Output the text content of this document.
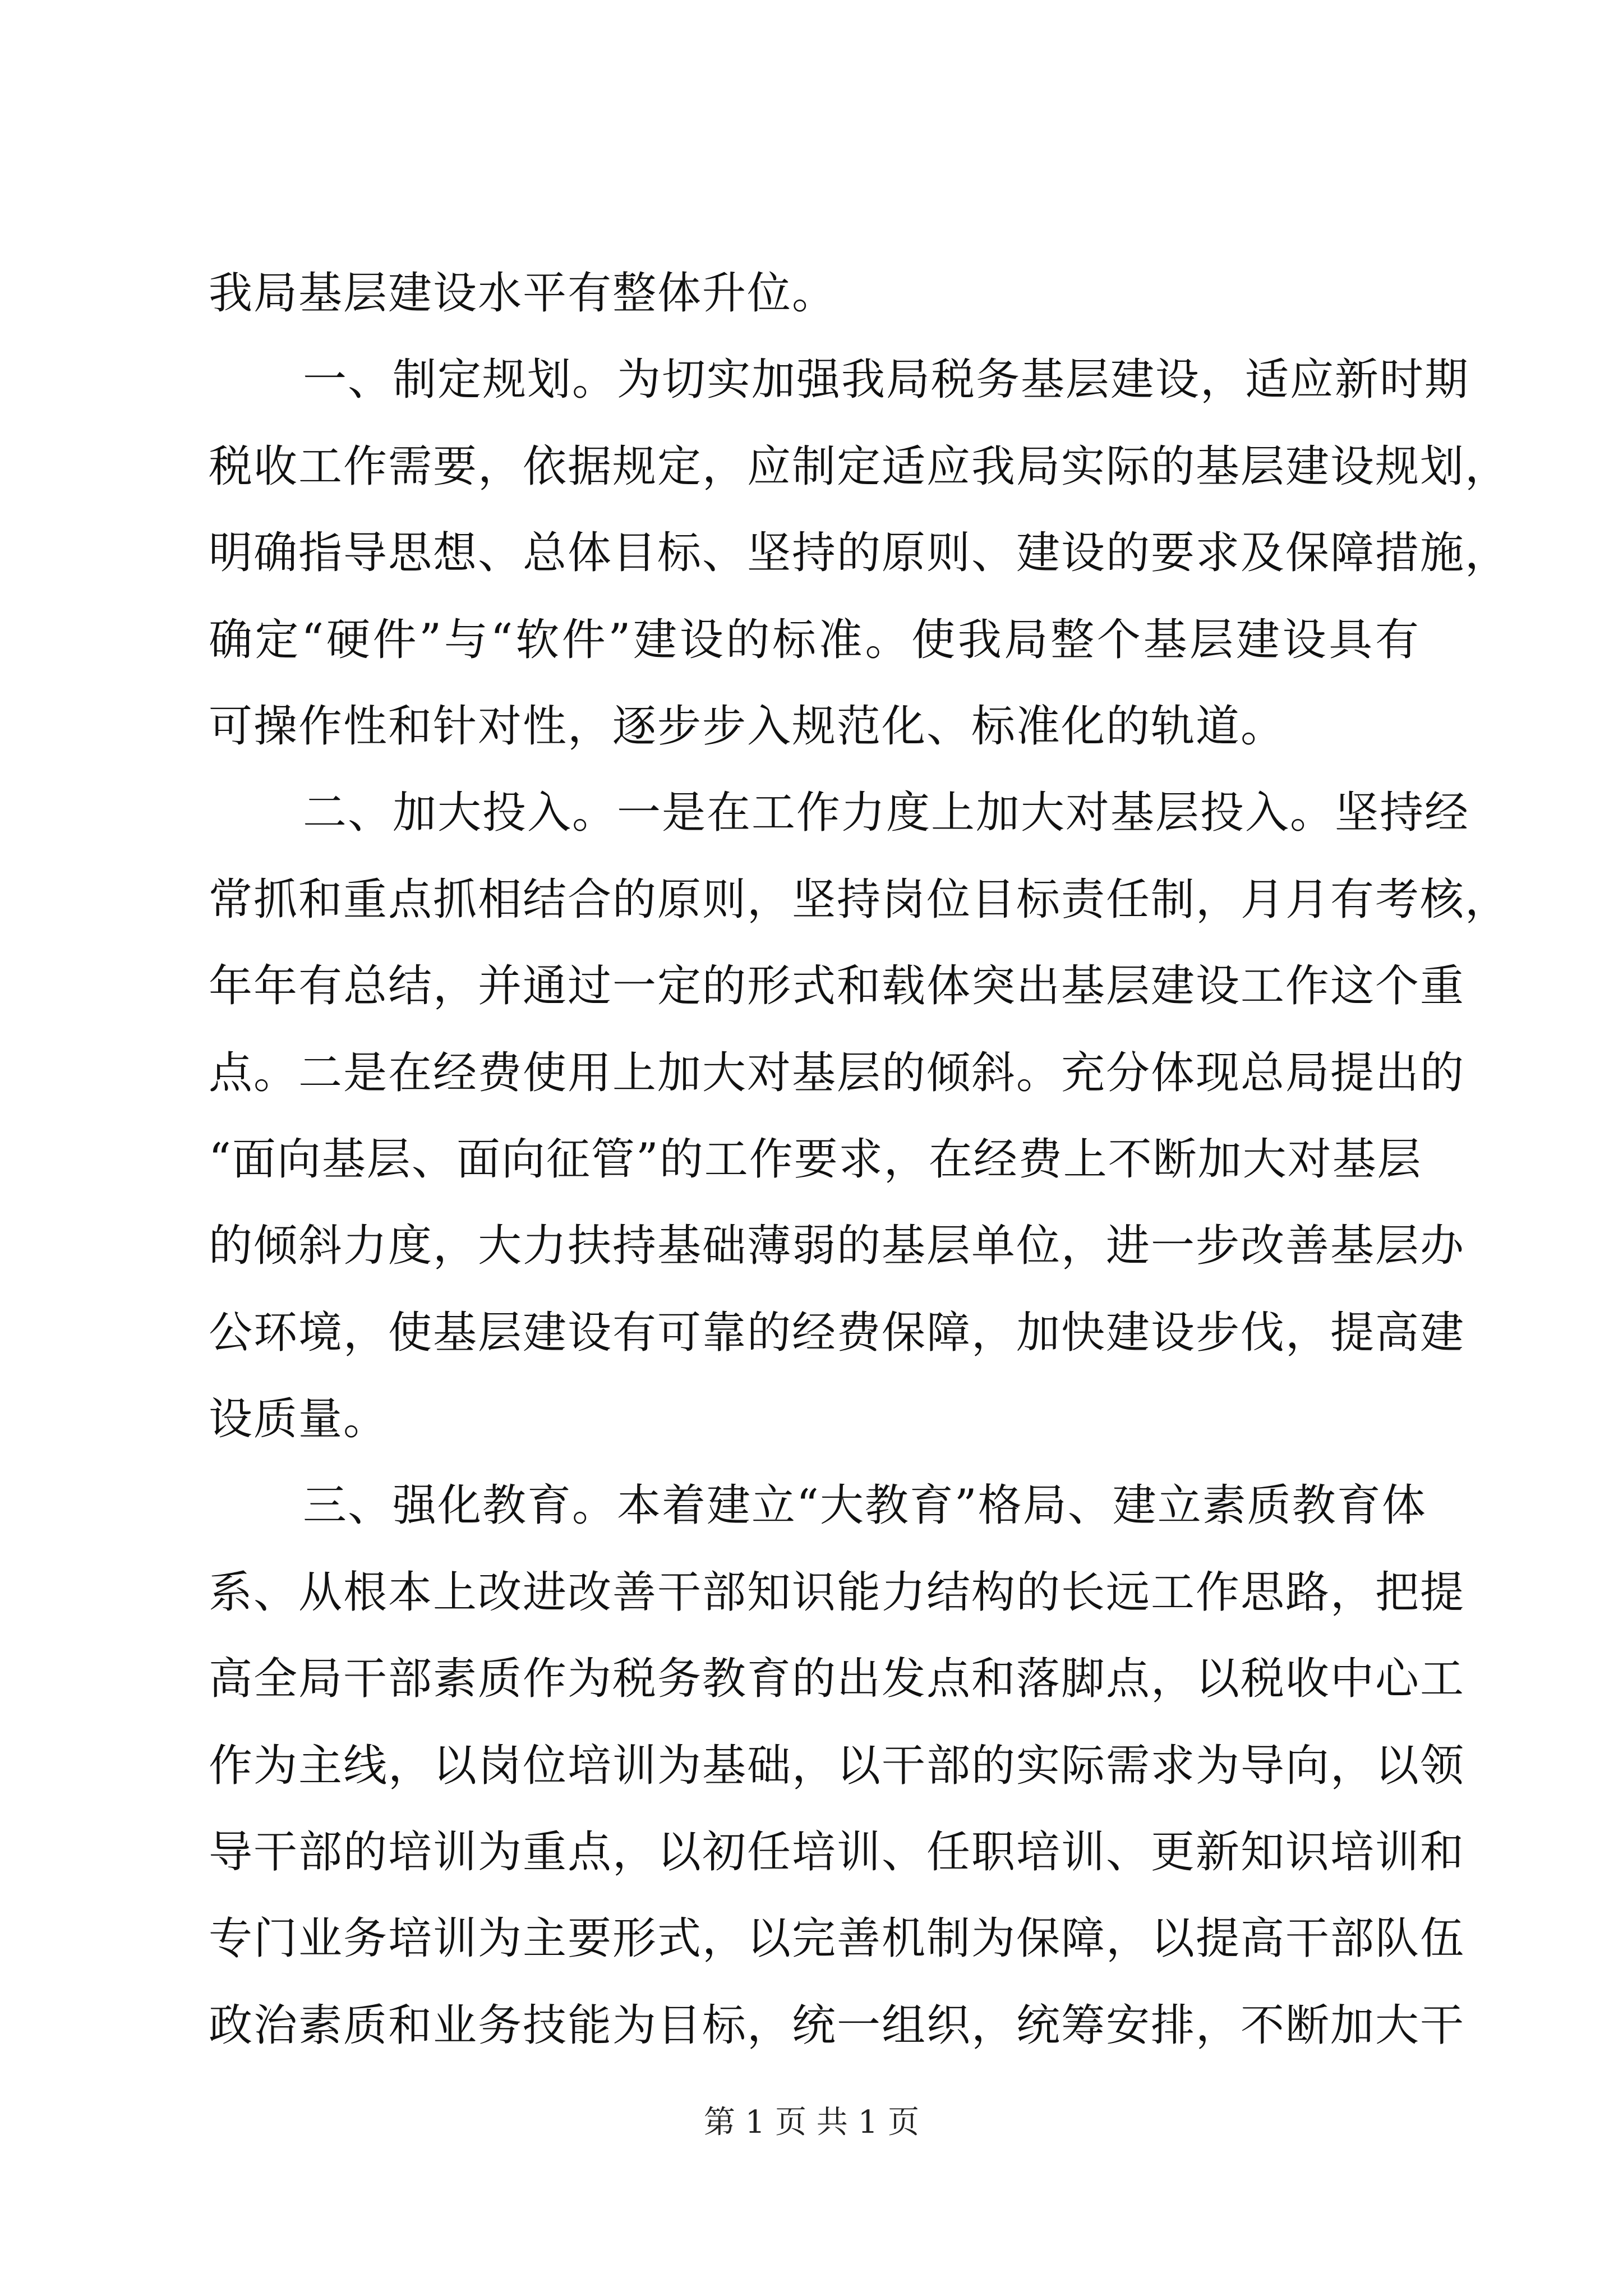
我局基层建设水平有整体升位。
一、制定规划。为切实加强我局税务基层建设，适应新时期
税收工作需要，依据规定，应制定适应我局实际的基层建设规划，
明确指导思想、总体目标、坚持的原则、建设的要求及保障措施，
确定“硬件”与“软件”建设的标准。使我局整个基层建设具有
可操作性和针对性，逐步步入规范化、标准化的轨道。
二、加大投入。一是在工作力度上加大对基层投入。坚持经
常抓和重点抓相结合的原则，坚持岗位目标责任制，月月有考核，
年年有总结，并通过一定的形式和载体突出基层建设工作这个重
点。二是在经费使用上加大对基层的倾斜。充分体现总局提出的
“面向基层、面向征管”的工作要求，在经费上不断加大对基层
的倾斜力度，大力扶持基础薄弱的基层单位，进一步改善基层办
公环境，使基层建设有可靠的经费保障，加快建设步伐，提高建
设质量。
三、强化教育。本着建立“大教育”格局、建立素质教育体
系、从根本上改进改善干部知识能力结构的长远工作思路，把提
高全局干部素质作为税务教育的出发点和落脚点，以税收中心工
作为主线，以岗位培训为基础，以干部的实际需求为导向，以领
导干部的培训为重点，以初任培训、任职培训、更新知识培训和
专门业务培训为主要形式，以完善机制为保障，以提高干部队伍
政治素质和业务技能为目标，统一组织，统筹安排，不断加大干
第 1 页 共 1 页
